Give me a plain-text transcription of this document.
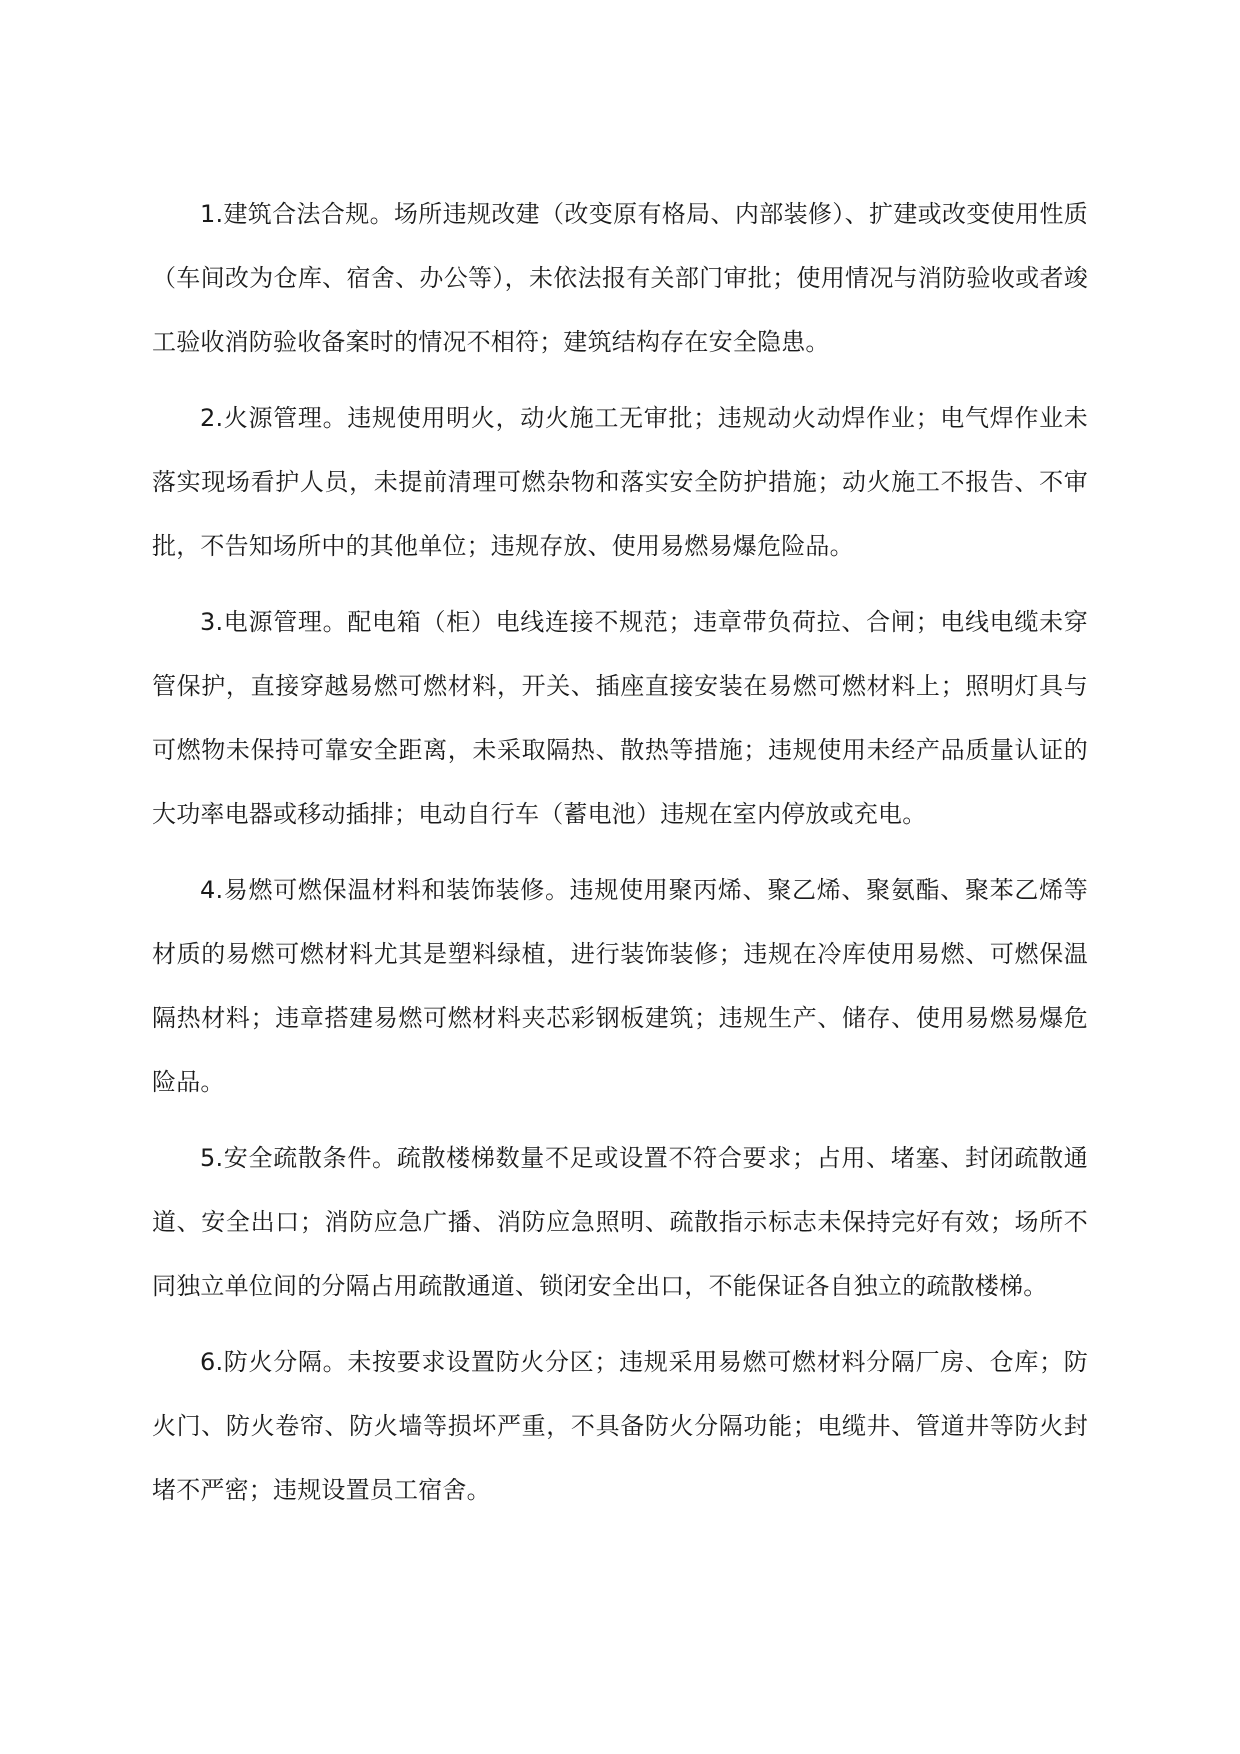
1.建筑合法合规。场所违规改建（改变原有格局、内部装修）、扩建或改变使用性质（车间改为仓库、宿舍、办公等），未依法报有关部门审批；使用情况与消防验收或者竣工验收消防验收备案时的情况不相符；建筑结构存在安全隐患。

2.火源管理。违规使用明火，动火施工无审批；违规动火动焊作业；电气焊作业未落实现场看护人员，未提前清理可燃杂物和落实安全防护措施；动火施工不报告、不审批，不告知场所中的其他单位；违规存放、使用易燃易爆危险品。

3.电源管理。配电箱（柜）电线连接不规范；违章带负荷拉、合闸；电线电缆未穿管保护，直接穿越易燃可燃材料，开关、插座直接安装在易燃可燃材料上；照明灯具与可燃物未保持可靠安全距离，未采取隔热、散热等措施；违规使用未经产品质量认证的大功率电器或移动插排；电动自行车（蓄电池）违规在室内停放或充电。

4.易燃可燃保温材料和装饰装修。违规使用聚丙烯、聚乙烯、聚氨酯、聚苯乙烯等材质的易燃可燃材料尤其是塑料绿植，进行装饰装修；违规在冷库使用易燃、可燃保温隔热材料；违章搭建易燃可燃材料夹芯彩钢板建筑；违规生产、储存、使用易燃易爆危险品。

5.安全疏散条件。疏散楼梯数量不足或设置不符合要求；占用、堵塞、封闭疏散通道、安全出口；消防应急广播、消防应急照明、疏散指示标志未保持完好有效；场所不同独立单位间的分隔占用疏散通道、锁闭安全出口，不能保证各自独立的疏散楼梯。

6.防火分隔。未按要求设置防火分区；违规采用易燃可燃材料分隔厂房、仓库；防火门、防火卷帘、防火墙等损坏严重，不具备防火分隔功能；电缆井、管道井等防火封堵不严密；违规设置员工宿舍。
